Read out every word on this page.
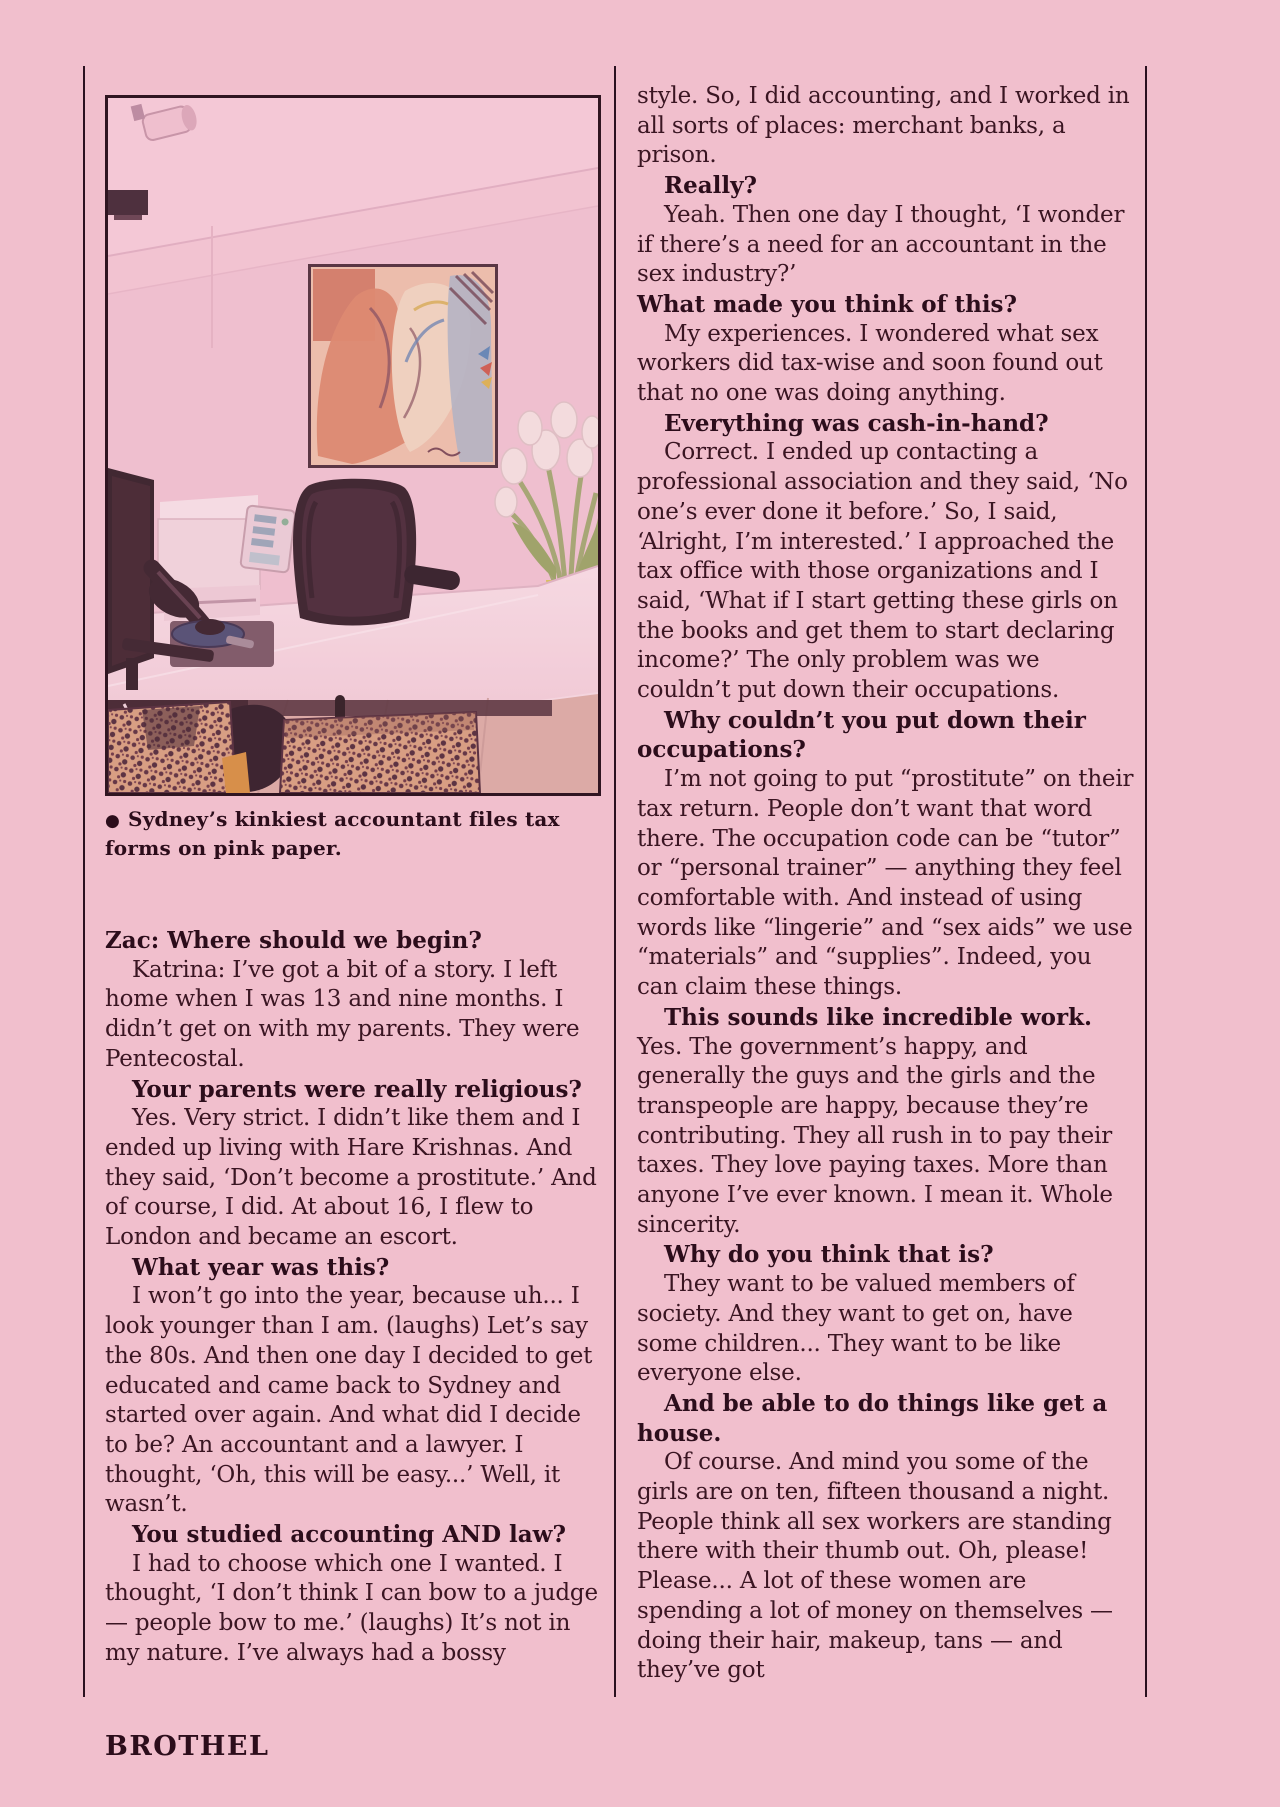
● Sydney’s kinkiest accountant files tax forms on pink paper.

Zac: Where should we begin?

Katrina: I’ve got a bit of a story. I left home when I was 13 and nine months. I didn’t get on with my parents. They were Pentecostal.

Your parents were really religious?

Yes. Very strict. I didn’t like them and I ended up living with Hare Krishnas. And they said, ‘Don’t become a prostitute.’ And of course, I did. At about 16, I flew to London and became an escort.

What year was this?

I won’t go into the year, because uh... I look younger than I am. (laughs) Let’s say the 80s. And then one day I decided to get educated and came back to Sydney and started over again. And what did I decide to be? An accountant and a lawyer. I thought, ‘Oh, this will be easy...’ Well, it wasn’t.

You studied accounting AND law?

I had to choose which one I wanted. I thought, ‘I don’t think I can bow to a judge — people bow to me.’ (laughs) It’s not in my nature. I’ve always had a bossy

style. So, I did accounting, and I worked in all sorts of places: merchant banks, a prison.

Really?

Yeah. Then one day I thought, ‘I wonder if there’s a need for an accountant in the sex industry?’

What made you think of this?

My experiences. I wondered what sex workers did tax-wise and soon found out that no one was doing anything.

Everything was cash-in-hand?

Correct. I ended up contacting a professional association and they said, ‘No one’s ever done it before.’ So, I said, ‘Alright, I’m interested.’ I approached the tax office with those organizations and I said, ‘What if I start getting these girls on the books and get them to start declaring income?’ The only problem was we couldn’t put down their occupations.

Why couldn’t you put down their occupations?

I’m not going to put “prostitute” on their tax return. People don’t want that word there. The occupation code can be “tutor” or “personal trainer” — anything they feel comfortable with. And instead of using words like “lingerie” and “sex aids” we use “materials” and “supplies”. Indeed, you can claim these things.

This sounds like incredible work.

Yes. The government’s happy, and generally the guys and the girls and the transpeople are happy, because they’re contributing. They all rush in to pay their taxes. They love paying taxes. More than anyone I’ve ever known. I mean it. Whole sincerity.

Why do you think that is?

They want to be valued members of society. And they want to get on, have some children... They want to be like everyone else.

And be able to do things like get a house.

Of course. And mind you some of the girls are on ten, fifteen thousand a night. People think all sex workers are standing there with their thumb out. Oh, please! Please... A lot of these women are spending a lot of money on themselves — doing their hair, makeup, tans — and they’ve got

BROTHEL
